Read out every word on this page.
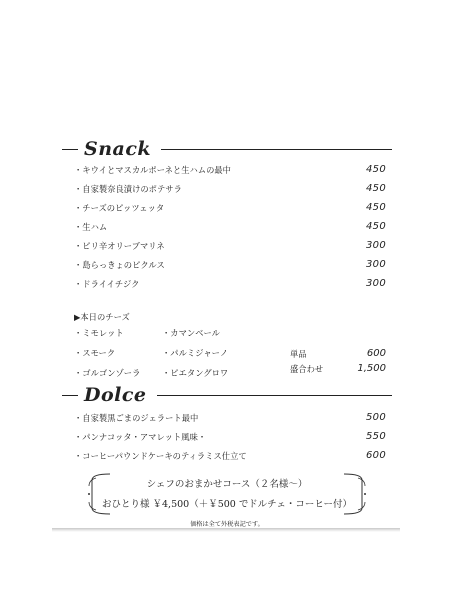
Snack
・キウイとマスカルポーネと生ハムの最中	450
・自家製奈良漬けのポテサラ	450
・チーズのピッツェッタ	450
・生ハム	450
・ピリ辛オリーブマリネ	300
・島らっきょのピクルス	300
・ドライイチジク	300
▶本日のチーズ
・ミモレット	・カマンベール
・スモーク	・パルミジャーノ
・ゴルゴンゾーラ	・ピエタングロワ
単品	600
盛合わせ	1,500
Dolce
・自家製黒ごまのジェラート最中	500
・パンナコッタ・アマレット風味・	550
・コーヒーパウンドケーキのティラミス仕立て	600
シェフのおまかせコース（２名様～）
おひとり様 ￥4,500（＋￥500 でドルチェ・コーヒー付）
価格は全て外税表記です。
